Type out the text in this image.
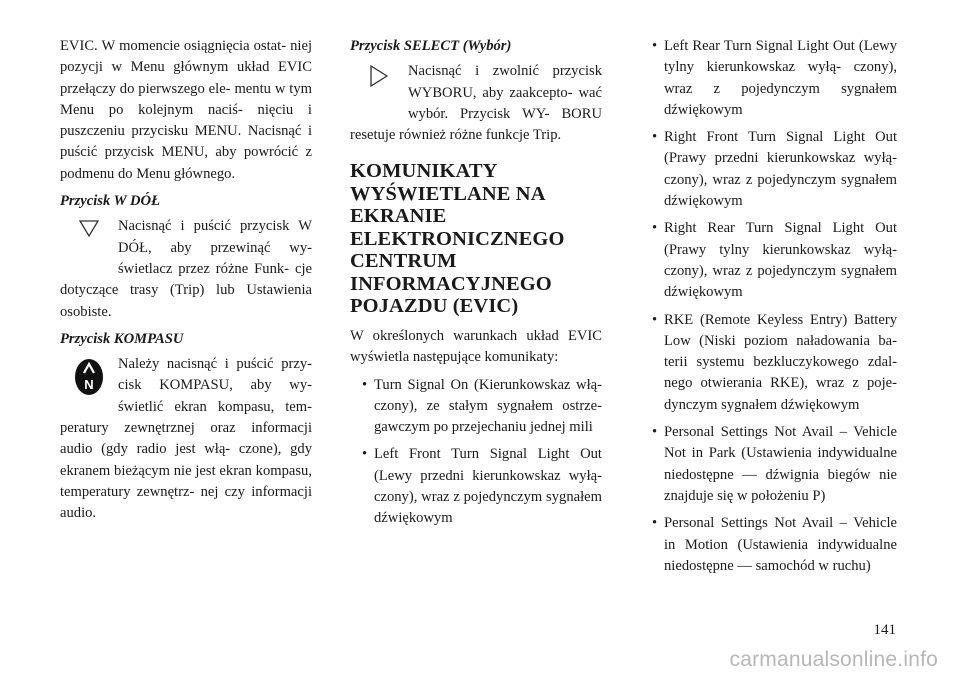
EVIC. W momencie osiągnięcia ostat- niej pozycji w Menu głównym układ EVIC przełączy do pierwszego ele- mentu w tym Menu po kolejnym naciś- nięciu i puszczeniu przycisku MENU. Nacisnąć i puścić przycisk MENU, aby powrócić z podmenu do Menu głównego.

Przycisk W DÓŁ

Nacisnąć i puścić przycisk W DÓŁ, aby przewinąć wy- świetlacz przez różne Funk- cje dotyczące trasy (Trip) lub Ustawienia osobiste.

Przycisk KOMPASU

N
Należy nacisnąć i puścić przy- cisk KOMPASU, aby wy- świetlić ekran kompasu, tem- peratury zewnętrznej oraz informacji audio (gdy radio jest włą- czone), gdy ekranem bieżącym nie jest ekran kompasu, temperatury zewnętrz- nej czy informacji audio.

Przycisk SELECT (Wybór)

Nacisnąć i zwolnić przycisk WYBORU, aby zaakcepto- wać wybór. Przycisk WY- BORU resetuje również różne funkcje Trip.
KOMUNIKATY WYŚWIETLANE NA EKRANIE ELEKTRONICZNEGO CENTRUM INFORMACYJNEGO POJAZDU (EVIC)

W określonych warunkach układ EVIC wyświetla następujące komunikaty:

• Turn Signal On (Kierunkowskaz włą- czony), ze stałym sygnałem ostrze- gawczym po przejechaniu jednej mili
• Left Front Turn Signal Light Out (Lewy przedni kierunkowskaz wyłą- czony), wraz z pojedynczym sygnałem dźwiękowym
• Left Rear Turn Signal Light Out (Lewy tylny kierunkowskaz wyłą- czony), wraz z pojedynczym sygnałem dźwiękowym
• Right Front Turn Signal Light Out (Prawy przedni kierunkowskaz wyłą- czony), wraz z pojedynczym sygnałem dźwiękowym
• Right Rear Turn Signal Light Out (Prawy tylny kierunkowskaz wyłą- czony), wraz z pojedynczym sygnałem dźwiękowym
• RKE (Remote Keyless Entry) Battery Low (Niski poziom naładowania ba- terii systemu bezkluczykowego zdal- nego otwierania RKE), wraz z poje- dynczym sygnałem dźwiękowym
• Personal Settings Not Avail – Vehicle Not in Park (Ustawienia indywidualne niedostępne — dźwignia biegów nie znajduje się w położeniu P)
• Personal Settings Not Avail – Vehicle in Motion (Ustawienia indywidualne niedostępne — samochód w ruchu)
141
carmanualsonline.info
